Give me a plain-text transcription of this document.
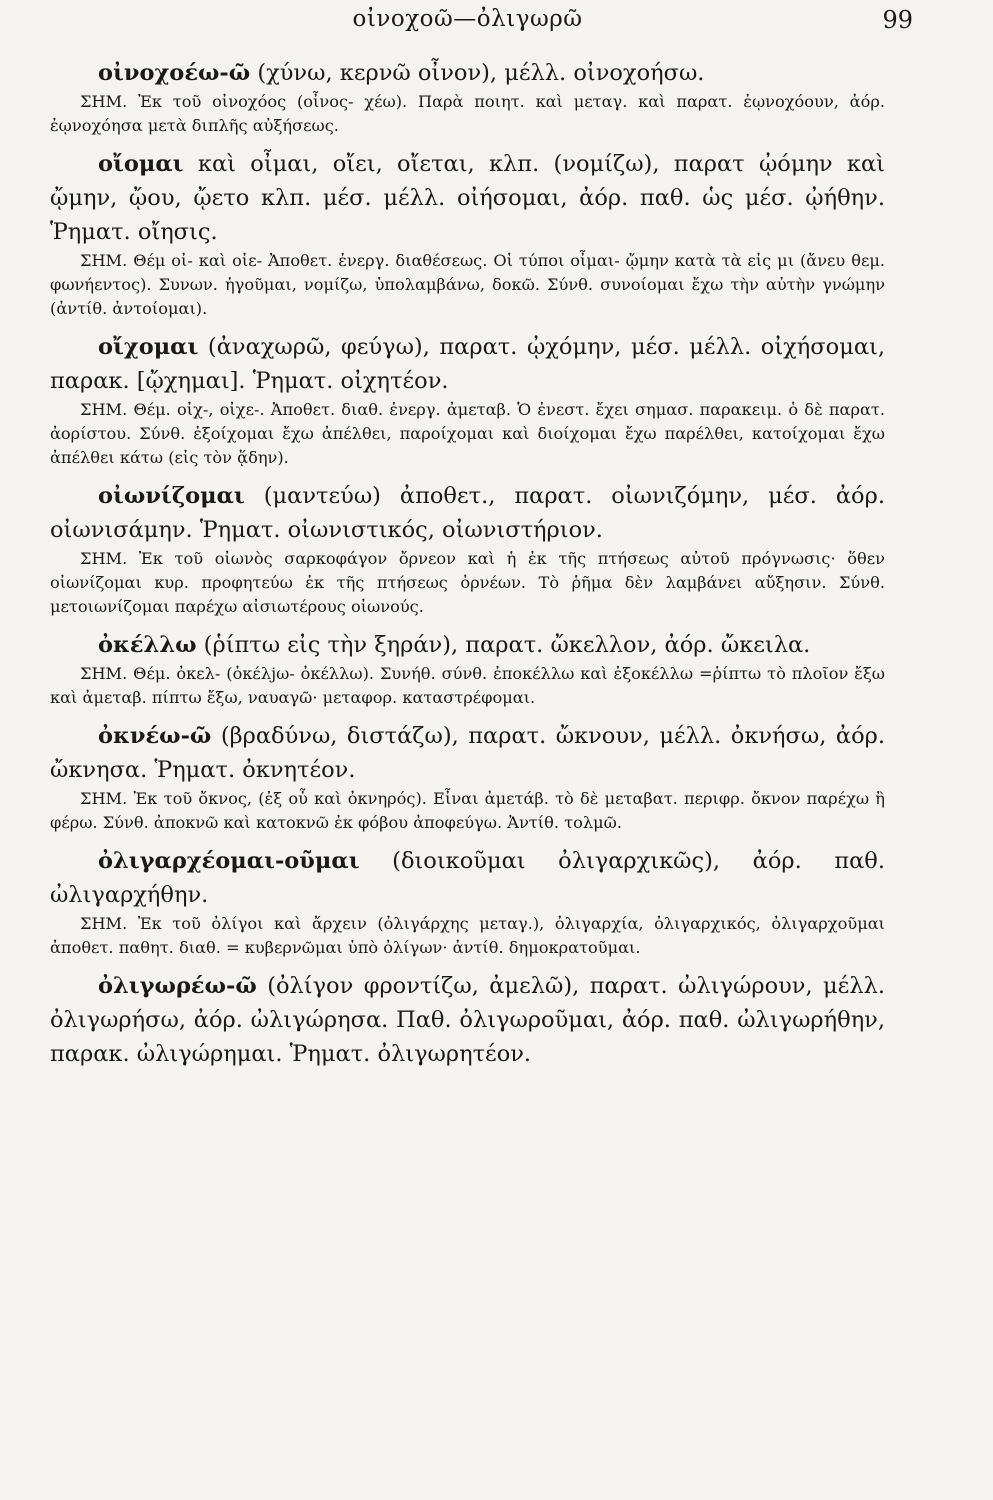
οἰνοχοῶ—ὀλιγωρῶ	99
οἰνοχοέω-ῶ (χύνω, κερνῶ οἶνον), μέλλ. οἰνοχοήσω.
ΣΗΜ. Ἐκ τοῦ οἰνοχόος (οἶνος- χέω). Παρὰ ποιητ. καὶ μεταγ. καὶ παρατ. ἐῳνοχόουν, ἀόρ. ἐῳνοχόησα μετὰ διπλῆς αὐξήσεως.
οἴομαι καὶ οἶμαι, οἴει, οἴεται, κλπ. (νομίζω), παρατ ᾠόμην καὶ ᾤμην, ᾤου, ᾤετο κλπ. μέσ. μέλλ. οἰήσομαι, ἀόρ. παθ. ὡς μέσ. ᾠήθην. Ῥηματ. οἴησις.
ΣΗΜ. Θέμ οἰ- καὶ οἰε- Ἀποθετ. ἐνεργ. διαθέσεως. Οἱ τύποι οἶμαι- ᾤμην κατὰ τὰ εἰς μι (ἄνευ θεμ. φωνήεντος). Συνων. ἡγοῦμαι, νομίζω, ὑπολαμβάνω, δοκῶ. Σύνθ. συνοίομαι ἔχω τὴν αὐτὴν γνώμην (ἀντίθ. ἀντοίομαι).
οἴχομαι (ἀναχωρῶ, φεύγω), παρατ. ᾠχόμην, μέσ. μέλλ. οἰχήσομαι, παρακ. [ᾤχημαι]. Ῥηματ. οἰχητέον.
ΣΗΜ. Θέμ. οἰχ-, οἰχε-. Ἀποθετ. διαθ. ἐνεργ. ἀμεταβ. Ὁ ἐνεστ. ἔχει σημασ. παρακειμ. ὁ δὲ παρατ. ἀορίστου. Σύνθ. ἐξοίχομαι ἔχω ἀπέλθει, παροίχομαι καὶ διοίχομαι ἔχω παρέλθει, κατοίχομαι ἔχω ἀπέλθει κάτω (εἰς τὸν ᾅδην).
οἰωνίζομαι (μαντεύω) ἀποθετ., παρατ. οἰωνιζόμην, μέσ. ἀόρ. οἰωνισάμην. Ῥηματ. οἰωνιστικός, οἰωνιστήριον.
ΣΗΜ. Ἐκ τοῦ οἰωνὸς σαρκοφάγον ὄρνεον καὶ ἡ ἐκ τῆς πτήσεως αὐτοῦ πρόγνωσις· ὅθεν οἰωνίζομαι κυρ. προφητεύω ἐκ τῆς πτήσεως ὀρνέων. Τὸ ῥῆμα δὲν λαμβάνει αὔξησιν. Σύνθ. μετοιωνίζομαι παρέχω αἰσιωτέρους οἰωνούς.
ὀκέλλω (ῥίπτω εἰς τὴν ξηράν), παρατ. ὤκελλον, ἀόρ. ὤκειλα.
ΣΗΜ. Θέμ. ὀκελ- (ὀκέλjω- ὀκέλλω). Συνήθ. σύνθ. ἐποκέλλω καὶ ἐξοκέλλω =ῥίπτω τὸ πλοῖον ἔξω καὶ ἀμεταβ. πίπτω ἔξω, ναυαγῶ· μεταφορ. καταστρέφομαι.
ὀκνέω-ῶ (βραδύνω, διστάζω), παρατ. ὤκνουν, μέλλ. ὀκνήσω, ἀόρ. ὤκνησα. Ῥηματ. ὀκνητέον.
ΣΗΜ. Ἐκ τοῦ ὄκνος, (ἐξ οὗ καὶ ὀκνηρός). Εἶναι ἀμετάβ. τὸ δὲ μεταβατ. περιφρ. ὄκνον παρέχω ἢ φέρω. Σύνθ. ἀποκνῶ καὶ κατοκνῶ ἐκ φόβου ἀποφεύγω. Ἀντίθ. τολμῶ.
ὀλιγαρχέομαι-οῦμαι (διοικοῦμαι ὀλιγαρχικῶς), ἀόρ. παθ. ὠλιγαρχήθην.
ΣΗΜ. Ἐκ τοῦ ὀλίγοι καὶ ἄρχειν (ὀλιγάρχης μεταγ.), ὀλιγαρχία, ὀλιγαρχικός, ὀλιγαρχοῦμαι ἀποθετ. παθητ. διαθ. = κυβερνῶμαι ὑπὸ ὀλίγων· ἀντίθ. δημοκρατοῦμαι.
ὀλιγωρέω-ῶ (ὀλίγον φροντίζω, ἀμελῶ), παρατ. ὠλιγώρουν, μέλλ. ὀλιγωρήσω, ἀόρ. ὠλιγώρησα. Παθ. ὀλιγωροῦμαι, ἀόρ. παθ. ὠλιγωρήθην, παρακ. ὠλιγώρημαι. Ῥηματ. ὀλιγωρητέον.
